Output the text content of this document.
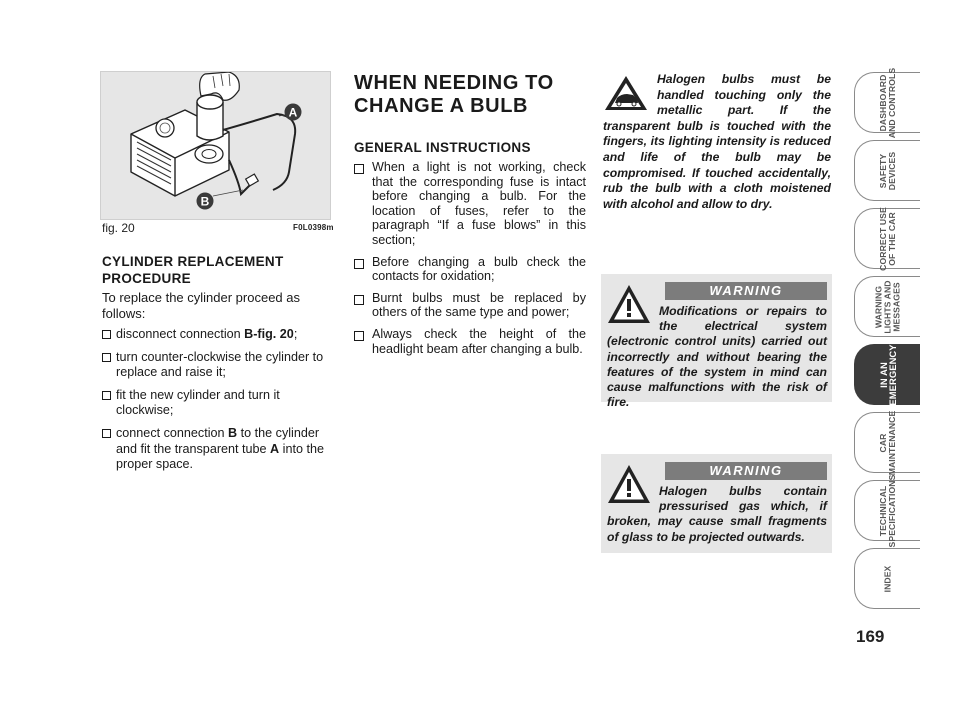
A
B
fig. 20	F0L0398m
CYLINDER REPLACEMENT PROCEDURE
To replace the cylinder proceed as follows:
disconnect connection B-fig. 20;
turn counter-clockwise the cylinder to replace and raise it;
fit the new cylinder and turn it clockwise;
connect connection B to the cylinder and fit the transparent tube A into the proper space.
WHEN NEEDING TO CHANGE A BULB
GENERAL INSTRUCTIONS
When a light is not working, check that the corresponding fuse is intact before changing a bulb. For the location of fuses, refer to the paragraph “If a fuse blows” in this section;
Before changing a bulb check the contacts for oxidation;
Burnt bulbs must be replaced by others of the same type and power;
Always check the height of the headlight beam after changing a bulb.
Halogen bulbs must be handled touching only the metallic part. If the transparent bulb is touched with the fingers, its lighting intensity is reduced and life of the bulb may be compromised. If touched accidentally, rub the bulb with a cloth moistened with alcohol and allow to dry.
WARNING
Modifications or repairs to the electrical system (electronic control units) carried out incorrectly and without bearing the features of the system in mind can cause malfunctions with the risk of fire.
WARNING
Halogen bulbs contain pressurised gas which, if broken, may cause small fragments of glass to be projected outwards.
DASHBOARD AND CONTROLS
SAFETY DEVICES
CORRECT USE OF THE CAR
WARNING LIGHTS AND MESSAGES
IN AN
EMERGENCY
CAR MAINTENANCE
TECHNICAL SPECIFICATIONS
INDEX
169
